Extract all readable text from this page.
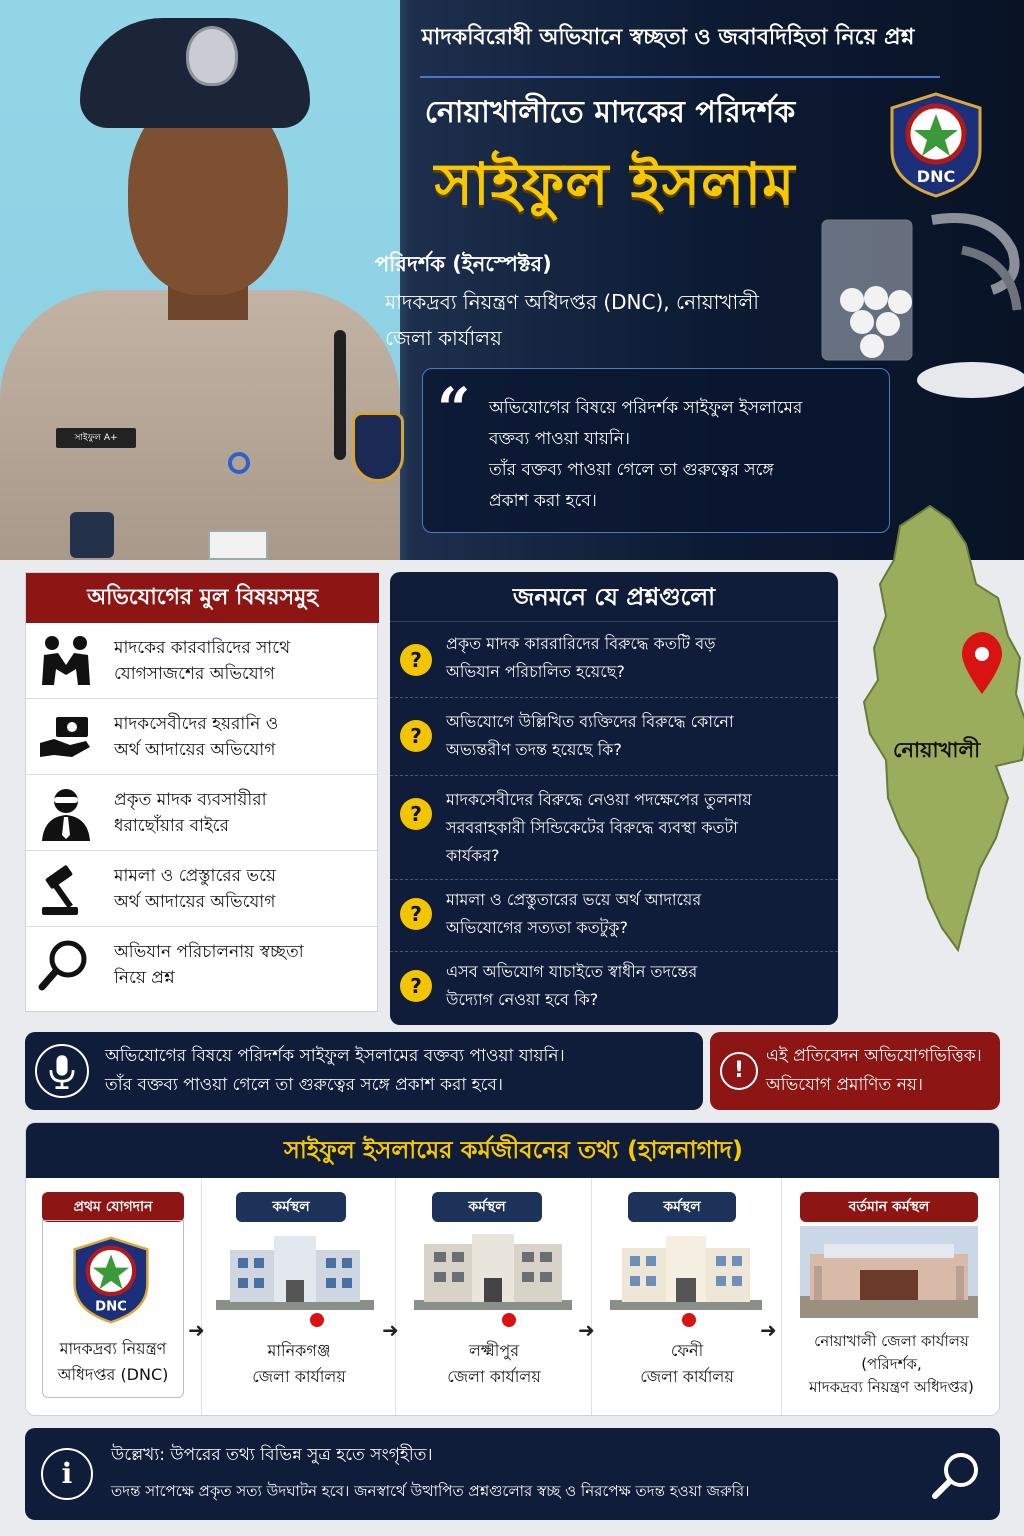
সাইফুল A+
মাদকবিরোধী অভিযানে স্বচ্ছতা ও জবাবদিহিতা নিয়ে প্রশ্ন
নোয়াখালীতে মাদকের পরিদর্শক
সাইফুল ইসলাম	DNC
পরিদর্শক (ইনস্পেক্টর)
মাদকদ্রব্য নিয়ন্ত্রণ অধিদপ্তর (DNC), নোয়াখালী
জেলা কার্যালয়
“ অভিযোগের বিষয়ে পরিদর্শক সাইফুল ইসলামের
বক্তব্য পাওয়া যায়নি।
তাঁর বক্তব্য পাওয়া গেলে তা গুরুত্বের সঙ্গে
প্রকাশ করা হবে।
নোয়াখালী
অভিযোগের মুল বিষয়সমুহ
মাদকের কারবারিদের সাথে
যোগসাজশের অভিযোগ
মাদকসেবীদের হয়রানি ও
অর্থ আদায়ের অভিযোগ
প্রকৃত মাদক ব্যবসায়ীরা
ধরাছোঁয়ার বাইরে
মামলা ও প্রেস্তুারের ভয়ে
অর্থ আদায়ের অভিযোগ
অভিযান পরিচালনায় স্বচ্ছতা
নিয়ে প্রশ্ন
জনমনে যে প্রশ্নগুলো
?
প্রকৃত মাদক কাররারিদের বিরুদ্ধে কতটি বড়
অভিযান পরিচালিত হয়েছে?
?
অভিযোগে উল্লিখিত ব্যক্তিদের বিরুদ্ধে কোনো
অভ্যন্তরীণ তদন্ত হয়েছে কি?
?
মাদকসেবীদের বিরুদ্ধে নেওয়া পদক্ষেপের তুলনায়
সরবরাহকারী সিন্ডিকেটের বিরুদ্ধে ব্যবস্থা কতটা
কার্যকর?
?
মামলা ও প্রেস্তুতারের ভয়ে অর্থ আদায়ের
অভিযোগের সত্যতা কতটুকু?
?
এসব অভিযোগ যাচাইতে স্বাধীন তদন্তের
উদ্যোগ নেওয়া হবে কি?
অভিযোগের বিষয়ে পরিদর্শক সাইফুল ইসলামের বক্তব্য পাওয়া যায়নি।
তাঁর বক্তব্য পাওয়া গেলে তা গুরুত্বের সঙ্গে প্রকাশ করা হবে।
!
এই প্রতিবেদন অভিযোগভিত্তিক।
অভিযোগ প্রমাণিত নয়।
সাইফুল ইসলামের কর্মজীবনের তথ্য (হালনাগাদ)
প্রথম যোগদান
DNC
মাদকদ্রব্য নিয়ন্ত্রণ
অধিদপ্তর (DNC)
কর্মস্থল
মানিকগঞ্জ
জেলা কার্যালয়
কর্মস্থল
লক্ষ্মীপুর
জেলা কার্যালয়
কর্মস্থল
ফেনী
জেলা কার্যালয়
বর্তমান কর্মস্থল
নোয়াখালী জেলা কার্যালয়
(পরিদর্শক,
মাদকদ্রব্য নিয়ন্ত্রণ অধিদপ্তর)
➜	➜	➜	➜
i
উল্লেখ্য: উপরের তথ্য বিভিন্ন সুত্র হতে সংগৃহীত।
তদন্ত সাপেক্ষে প্রকৃত সত্য উদঘাটন হবে। জনস্বার্থে উত্থাপিত প্রশ্নগুলোর স্বচ্ছ ও নিরপেক্ষ তদন্ত হওয়া জরুরি।
